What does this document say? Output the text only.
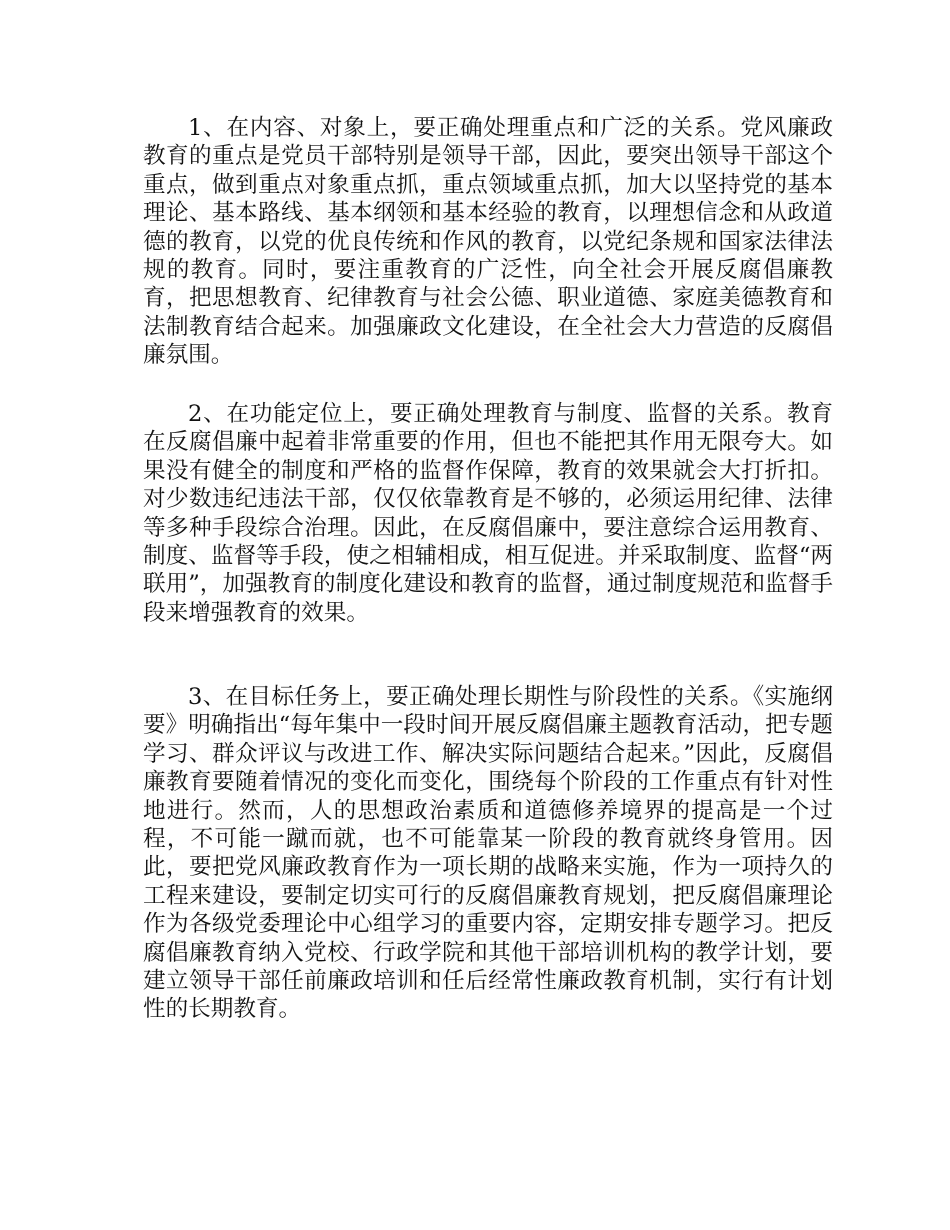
1、在内容、对象上，要正确处理重点和广泛的关系。党风廉政教育的重点是党员干部特别是领导干部，因此，要突出领导干部这个重点，做到重点对象重点抓，重点领域重点抓，加大以坚持党的基本理论、基本路线、基本纲领和基本经验的教育，以理想信念和从政道德的教育，以党的优良传统和作风的教育，以党纪条规和国家法律法规的教育。同时，要注重教育的广泛性，向全社会开展反腐倡廉教育，把思想教育、纪律教育与社会公德、职业道德、家庭美德教育和法制教育结合起来。加强廉政文化建设，在全社会大力营造的反腐倡廉氛围。

2、在功能定位上，要正确处理教育与制度、监督的关系。教育在反腐倡廉中起着非常重要的作用，但也不能把其作用无限夸大。如果没有健全的制度和严格的监督作保障，教育的效果就会大打折扣。对少数违纪违法干部，仅仅依靠教育是不够的，必须运用纪律、法律等多种手段综合治理。因此，在反腐倡廉中，要注意综合运用教育、制度、监督等手段，使之相辅相成，相互促进。并采取制度、监督“两联用”，加强教育的制度化建设和教育的监督，通过制度规范和监督手段来增强教育的效果。

3、在目标任务上，要正确处理长期性与阶段性的关系。《实施纲要》明确指出“每年集中一段时间开展反腐倡廉主题教育活动，把专题学习、群众评议与改进工作、解决实际问题结合起来。”因此，反腐倡廉教育要随着情况的变化而变化，围绕每个阶段的工作重点有针对性地进行。然而，人的思想政治素质和道德修养境界的提高是一个过程，不可能一蹴而就，也不可能靠某一阶段的教育就终身管用。因此，要把党风廉政教育作为一项长期的战略来实施，作为一项持久的工程来建设，要制定切实可行的反腐倡廉教育规划，把反腐倡廉理论作为各级党委理论中心组学习的重要内容，定期安排专题学习。把反腐倡廉教育纳入党校、行政学院和其他干部培训机构的教学计划，要建立领导干部任前廉政培训和任后经常性廉政教育机制，实行有计划性的长期教育。
